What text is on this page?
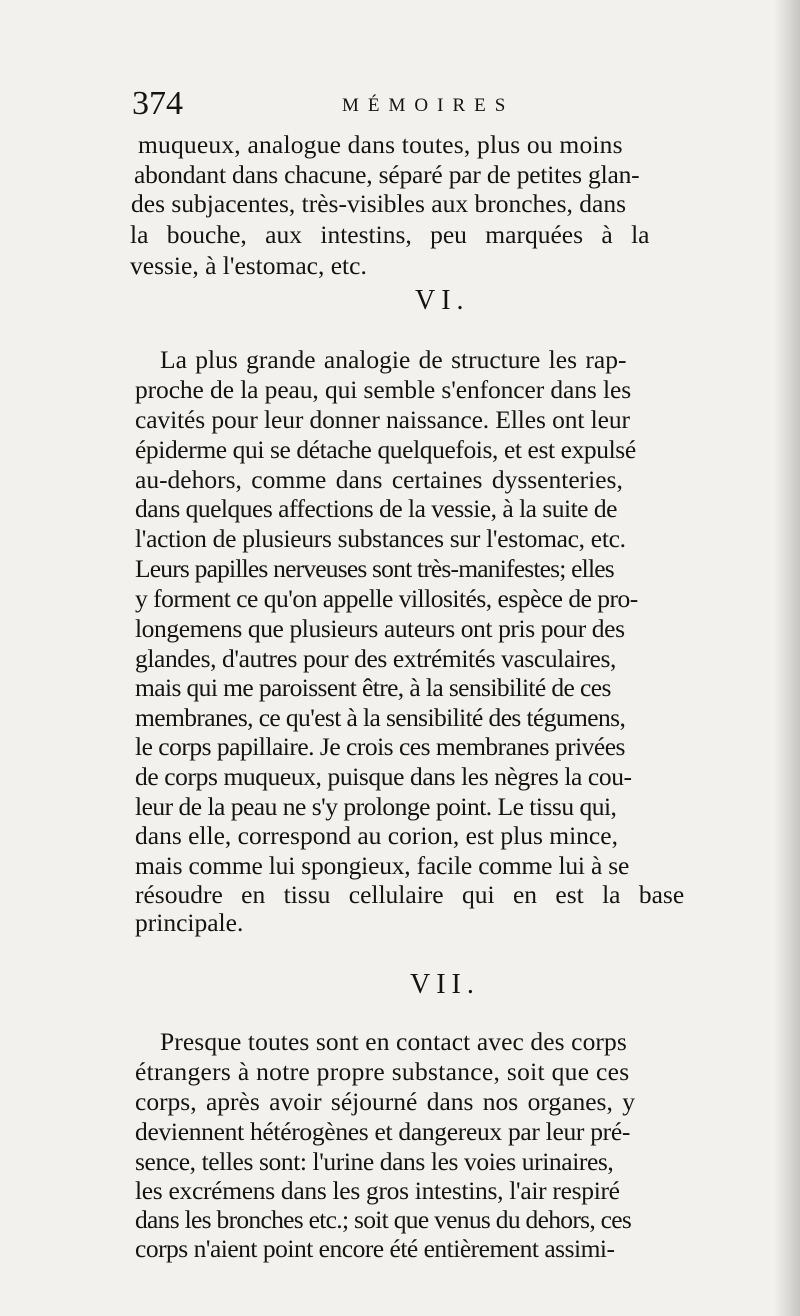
374	MÉMOIRES
muqueux, analogue dans toutes, plus ou moins
abondant dans chacune, séparé par de petites glan-
des subjacentes, très-visibles aux bronches, dans
la bouche, aux intestins, peu marquées à la
vessie, à l'estomac, etc.
VI.
La plus grande analogie de structure les rap-
proche de la peau, qui semble s'enfoncer dans les
cavités pour leur donner naissance. Elles ont leur
épiderme qui se détache quelquefois, et est expulsé
au-dehors, comme dans certaines dyssenteries,
dans quelques affections de la vessie, à la suite de
l'action de plusieurs substances sur l'estomac, etc.
Leurs papilles nerveuses sont très-manifestes; elles
y forment ce qu'on appelle villosités, espèce de pro-
longemens que plusieurs auteurs ont pris pour des
glandes, d'autres pour des extrémités vasculaires,
mais qui me paroissent être, à la sensibilité de ces
membranes, ce qu'est à la sensibilité des tégumens,
le corps papillaire. Je crois ces membranes privées
de corps muqueux, puisque dans les nègres la cou-
leur de la peau ne s'y prolonge point. Le tissu qui,
dans elle, correspond au corion, est plus mince,
mais comme lui spongieux, facile comme lui à se
résoudre en tissu cellulaire qui en est la base
principale.
VII.
Presque toutes sont en contact avec des corps
étrangers à notre propre substance, soit que ces
corps, après avoir séjourné dans nos organes, y
deviennent hétérogènes et dangereux par leur pré-
sence, telles sont: l'urine dans les voies urinaires,
les excrémens dans les gros intestins, l'air respiré
dans les bronches etc.; soit que venus du dehors, ces
corps n'aient point encore été entièrement assimi-
